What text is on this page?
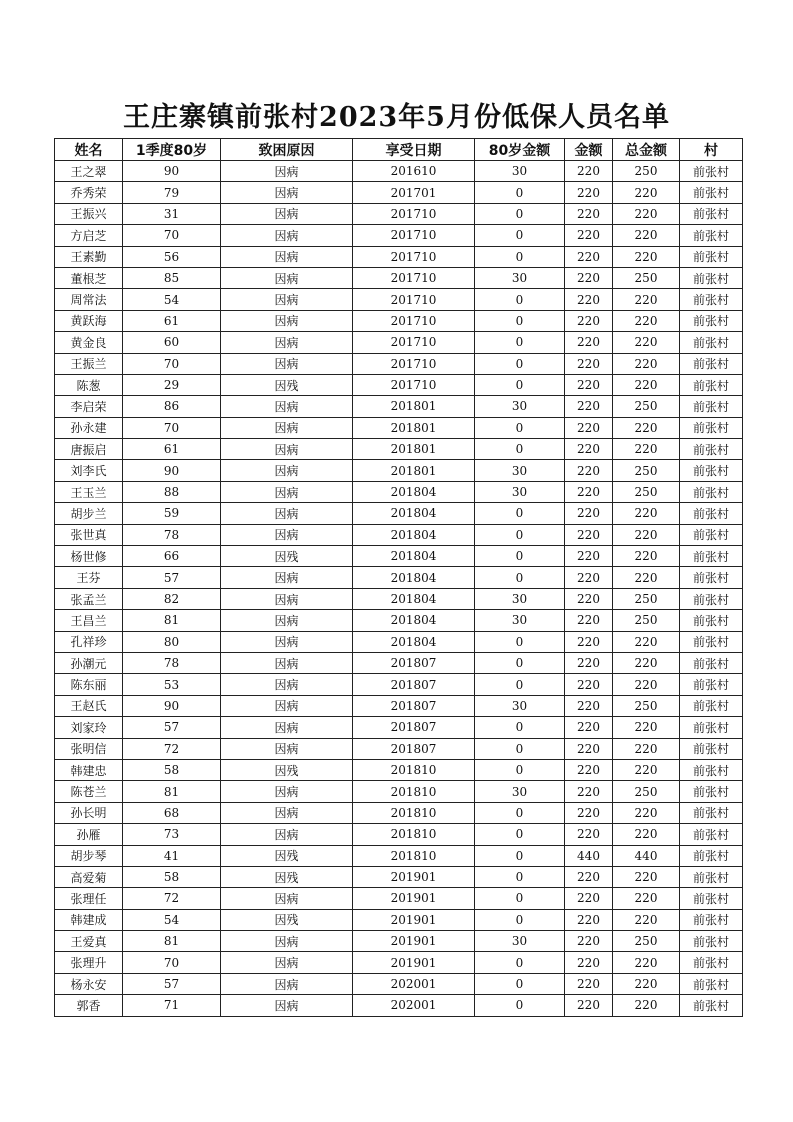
王庄寨镇前张村2023年5月份低保人员名单
姓名	1季度80岁	致困原因	享受日期	80岁金额	金额	总金额	村
王之翠	90	因病	201610	30	220	250	前张村
乔秀荣	79	因病	201701	0	220	220	前张村
王振兴	31	因病	201710	0	220	220	前张村
方启芝	70	因病	201710	0	220	220	前张村
王素勤	56	因病	201710	0	220	220	前张村
董根芝	85	因病	201710	30	220	250	前张村
周常法	54	因病	201710	0	220	220	前张村
黄跃海	61	因病	201710	0	220	220	前张村
黄金良	60	因病	201710	0	220	220	前张村
王振兰	70	因病	201710	0	220	220	前张村
陈葱	29	因残	201710	0	220	220	前张村
李启荣	86	因病	201801	30	220	250	前张村
孙永建	70	因病	201801	0	220	220	前张村
唐振启	61	因病	201801	0	220	220	前张村
刘李氏	90	因病	201801	30	220	250	前张村
王玉兰	88	因病	201804	30	220	250	前张村
胡步兰	59	因病	201804	0	220	220	前张村
张世真	78	因病	201804	0	220	220	前张村
杨世修	66	因残	201804	0	220	220	前张村
王芬	57	因病	201804	0	220	220	前张村
张孟兰	82	因病	201804	30	220	250	前张村
王昌兰	81	因病	201804	30	220	250	前张村
孔祥珍	80	因病	201804	0	220	220	前张村
孙潮元	78	因病	201807	0	220	220	前张村
陈东丽	53	因病	201807	0	220	220	前张村
王赵氏	90	因病	201807	30	220	250	前张村
刘家玲	57	因病	201807	0	220	220	前张村
张明信	72	因病	201807	0	220	220	前张村
韩建忠	58	因残	201810	0	220	220	前张村
陈苍兰	81	因病	201810	30	220	250	前张村
孙长明	68	因病	201810	0	220	220	前张村
孙雁	73	因病	201810	0	220	220	前张村
胡步琴	41	因残	201810	0	440	440	前张村
高爱菊	58	因残	201901	0	220	220	前张村
张理任	72	因病	201901	0	220	220	前张村
韩建成	54	因残	201901	0	220	220	前张村
王爱真	81	因病	201901	30	220	250	前张村
张理升	70	因病	201901	0	220	220	前张村
杨永安	57	因病	202001	0	220	220	前张村
郭香	71	因病	202001	0	220	220	前张村
